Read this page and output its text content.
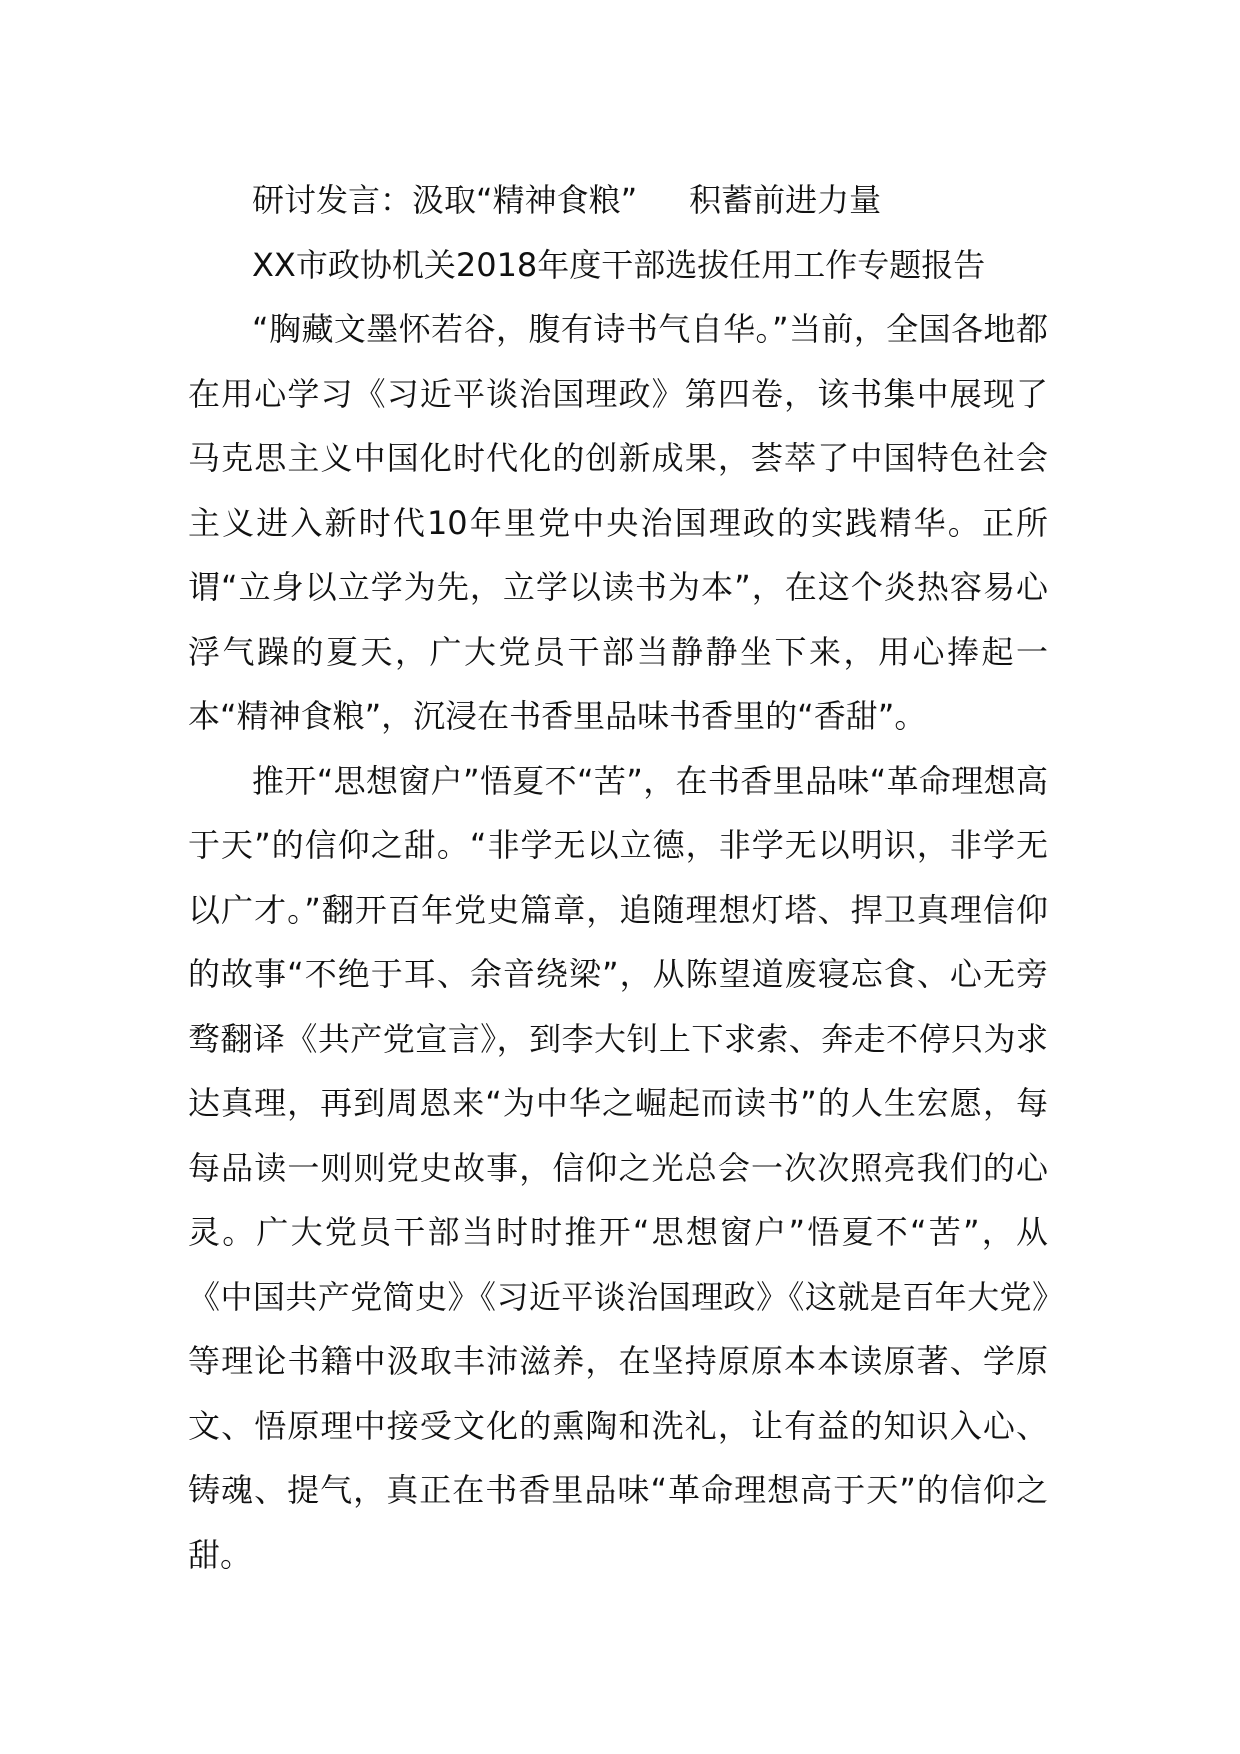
研讨发言：汲取“精神食粮” 积蓄前进力量

XX市政协机关2018年度干部选拔任用工作专题报告

“胸藏文墨怀若谷，腹有诗书气自华。”当前，全国各地都在用心学习《习近平谈治国理政》第四卷，该书集中展现了马克思主义中国化时代化的创新成果，荟萃了中国特色社会主义进入新时代10年里党中央治国理政的实践精华。正所谓“立身以立学为先，立学以读书为本”，在这个炎热容易心浮气躁的夏天，广大党员干部当静静坐下来，用心捧起一本“精神食粮”，沉浸在书香里品味书香里的“香甜”。

推开“思想窗户”悟夏不“苦”，在书香里品味“革命理想高于天”的信仰之甜。“非学无以立德，非学无以明识，非学无以广才。”翻开百年党史篇章，追随理想灯塔、捍卫真理信仰的故事“不绝于耳、余音绕梁”，从陈望道废寝忘食、心无旁骛翻译《共产党宣言》，到李大钊上下求索、奔走不停只为求达真理，再到周恩来“为中华之崛起而读书”的人生宏愿，每每品读一则则党史故事，信仰之光总会一次次照亮我们的心灵。广大党员干部当时时推开“思想窗户”悟夏不“苦”，从《中国共产党简史》《习近平谈治国理政》《这就是百年大党》等理论书籍中汲取丰沛滋养，在坚持原原本本读原著、学原文、悟原理中接受文化的熏陶和洗礼，让有益的知识入心、铸魂、提气，真正在书香里品味“革命理想高于天”的信仰之甜。
